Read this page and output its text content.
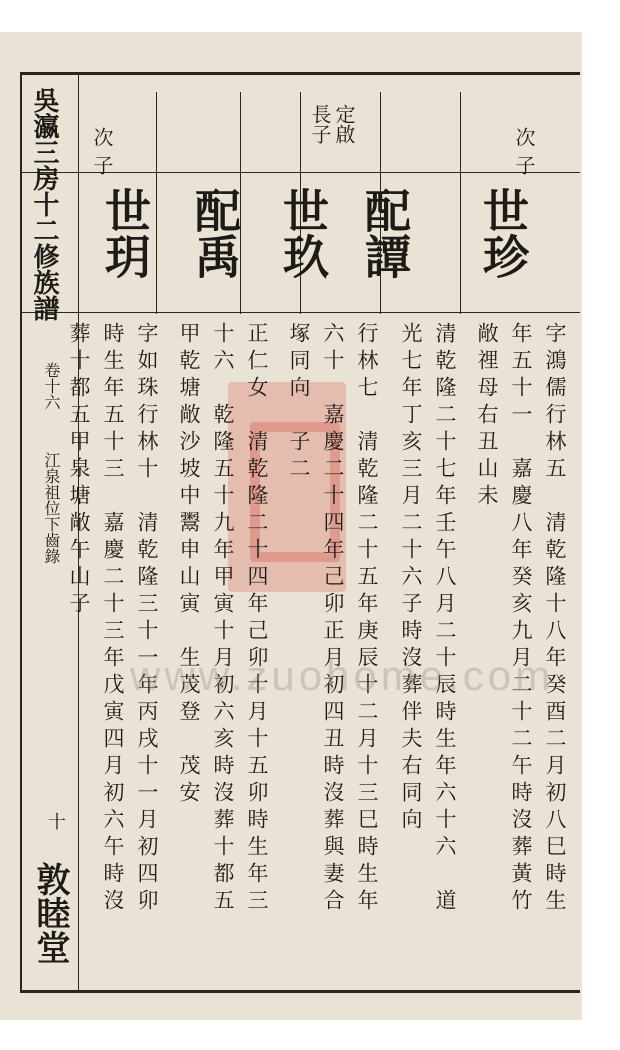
吳瀛三房十二修族譜
卷十六
江泉祖位下齒錄
十
敦睦堂
次子
定啟
長子
次子
世玥 配禹 世玖 配譚 世珍
字鴻儒行林五　清乾隆十八年癸酉二月初八巳時生
年五十一　嘉慶八年癸亥九月二十二午時沒葬黃竹
敞𥚃母右丑山未
清乾隆二十七年壬午八月二十辰時生年六十六　道
光七年丁亥三月二十六子時沒葬伴夫右同向
行林七　清乾隆二十五年庚辰十二月十三巳時生年
六十　嘉慶二十四年己卯正月初四丑時沒葬與妻合
塚同向　子二
正仁女　清乾隆二十四年己卯十月十五卯時生年三
十六　乾隆五十九年甲寅十月初六亥時沒葬十都五
甲乾塘敞沙坡中鬻申山寅　生茂登　茂安
字如珠行林十　清乾隆三十一年丙戌十一月初四卯
時生年五十三　嘉慶二十三年戊寅四月初六午時沒
葬十都五甲泉塘敞午山子
www.zuohome.com
